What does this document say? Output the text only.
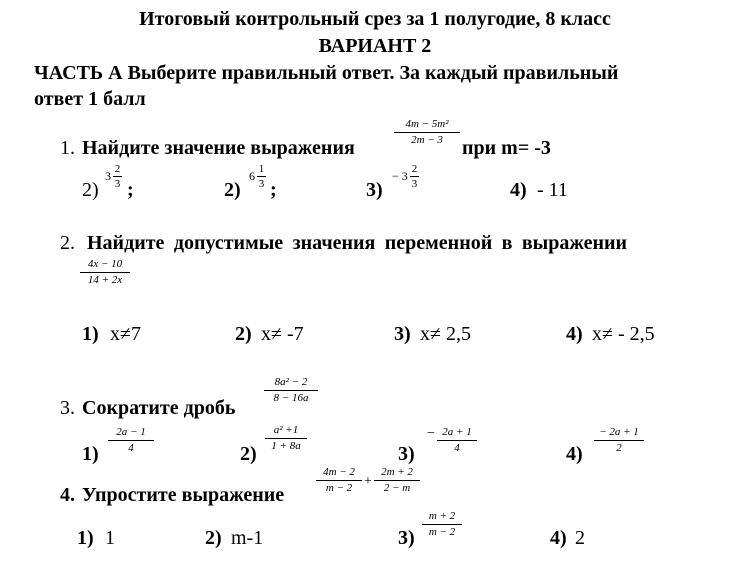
Итоговый контрольный срез за 1 полугодие, 8 класс
ВАРИАНТ 2
ЧАСТЬ А Выберите правильный ответ. За каждый правильный
ответ 1 балл
1. Найдите значение выражения
4m − 5m²
2m − 3 при m= -3
2)
3 2
3 ;	2)
6 1
3 ;	3)
− 3 2
3	4) - 11
2. Найдите допустимые значения переменной в выражении
4x − 10
14 + 2x
1) x≠7	2) x≠ -7	3) x≠ 2,5	4) x≠ - 2,5
3. Сократите дробь
8a² − 2
8 − 16a
1)
2a − 1
4	2)
a² +1
1 + 8a	3)
− 2a + 1
4	4)
− 2a + 1
2
4. Упростите выражение
4m − 2
m − 2 +
2m + 2
2 − m
1) 1	2) m-1	3)
m + 2
m − 2	4) 2
